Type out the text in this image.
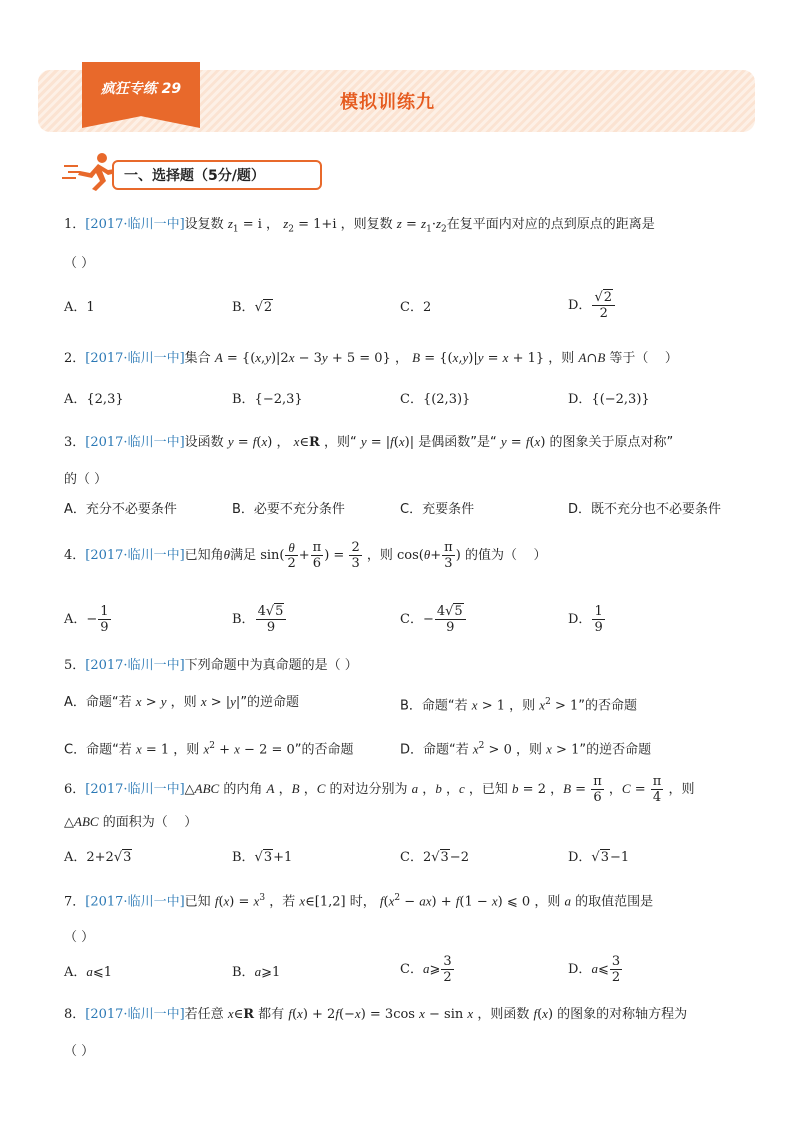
疯狂专练 29
模拟训练九
一、选择题（5分/题）
1．[2017·临川一中]设复数 $z_1 = i$ ， $z_2 = 1+i$ ，则复数 $z = z_1\cdot z_2$在复平面内对应的点到原点的距离是
（ ）
A．1	B．√2	C．2	D． $\frac{√2}{2}$
2．[2017·临川一中]集合 A = {(x,y)|2x − 3y + 5 = 0} ， B = {(x,y)|y = x + 1} ，则 A∩B 等于（    ）
A．{2,3}	B．{−2,3}	C．{(2,3)}	D．{(−2,3)}
3．[2017·临川一中]设函数 y = f(x) ， x∈R ，则“ y = |f(x)| 是偶函数”是“ y = f(x) 的图象关于原点对称”
的（ ）
A．充分不必要条件	B．必要不充分条件	C．充要条件	D．既不充分也不必要条件
4．[2017·临川一中]已知角θ满足 $\sin( \frac{\theta}{2} + \frac{\pi}{6}$ ) = $\frac{2}{3}$ ，则 $\cos(\theta+ \frac{\pi}{3}$ ) 的值为（    ）
A．− $\frac{1}{9}$	B． $\frac{4√5}{9}$	C．− $\frac{4√5}{9}$	D． $\frac{1}{9}$
5．[2017·临川一中]下列命题中为真命题的是（ ）
A．命题“若 x > y ，则 x > |y|”的逆命题	B．命题“若 x > 1 ，则 $x^2 > 1$”的否命题
C．命题“若 x = 1 ，则 $x^2 + x - 2 = 0$”的否命题	D．命题“若 $x^2 > 0$ ，则 x > 1”的逆否命题
6．[2017·临川一中]△ABC 的内角 A ，B ，C 的对边分别为 a ，b ，c ，已知 b = 2 ，$B = \frac{\pi}{6}$ ，$C = \frac{\pi}{4}$ ，则
△ABC 的面积为（    ）
A．2+2√3	B．√3+1	C．2√3−2	D．√3−1
7．[2017·临川一中]已知 $f(x) = x^3$ ，若 x∈[1,2] 时， $f(x^2 - ax) + f(1 - x)$ ⩽ 0 ，则 a 的取值范围是
（ ）
A．a⩽1	B．a⩾1	C．a⩾ $\frac{3}{2}$	D．a⩽ $\frac{3}{2}$
8．[2017·临川一中]若任意 x∈R 都有 f(x) + 2f(−x) = 3cos x − sin x ，则函数 f(x) 的图象的对称轴方程为
（ ）
